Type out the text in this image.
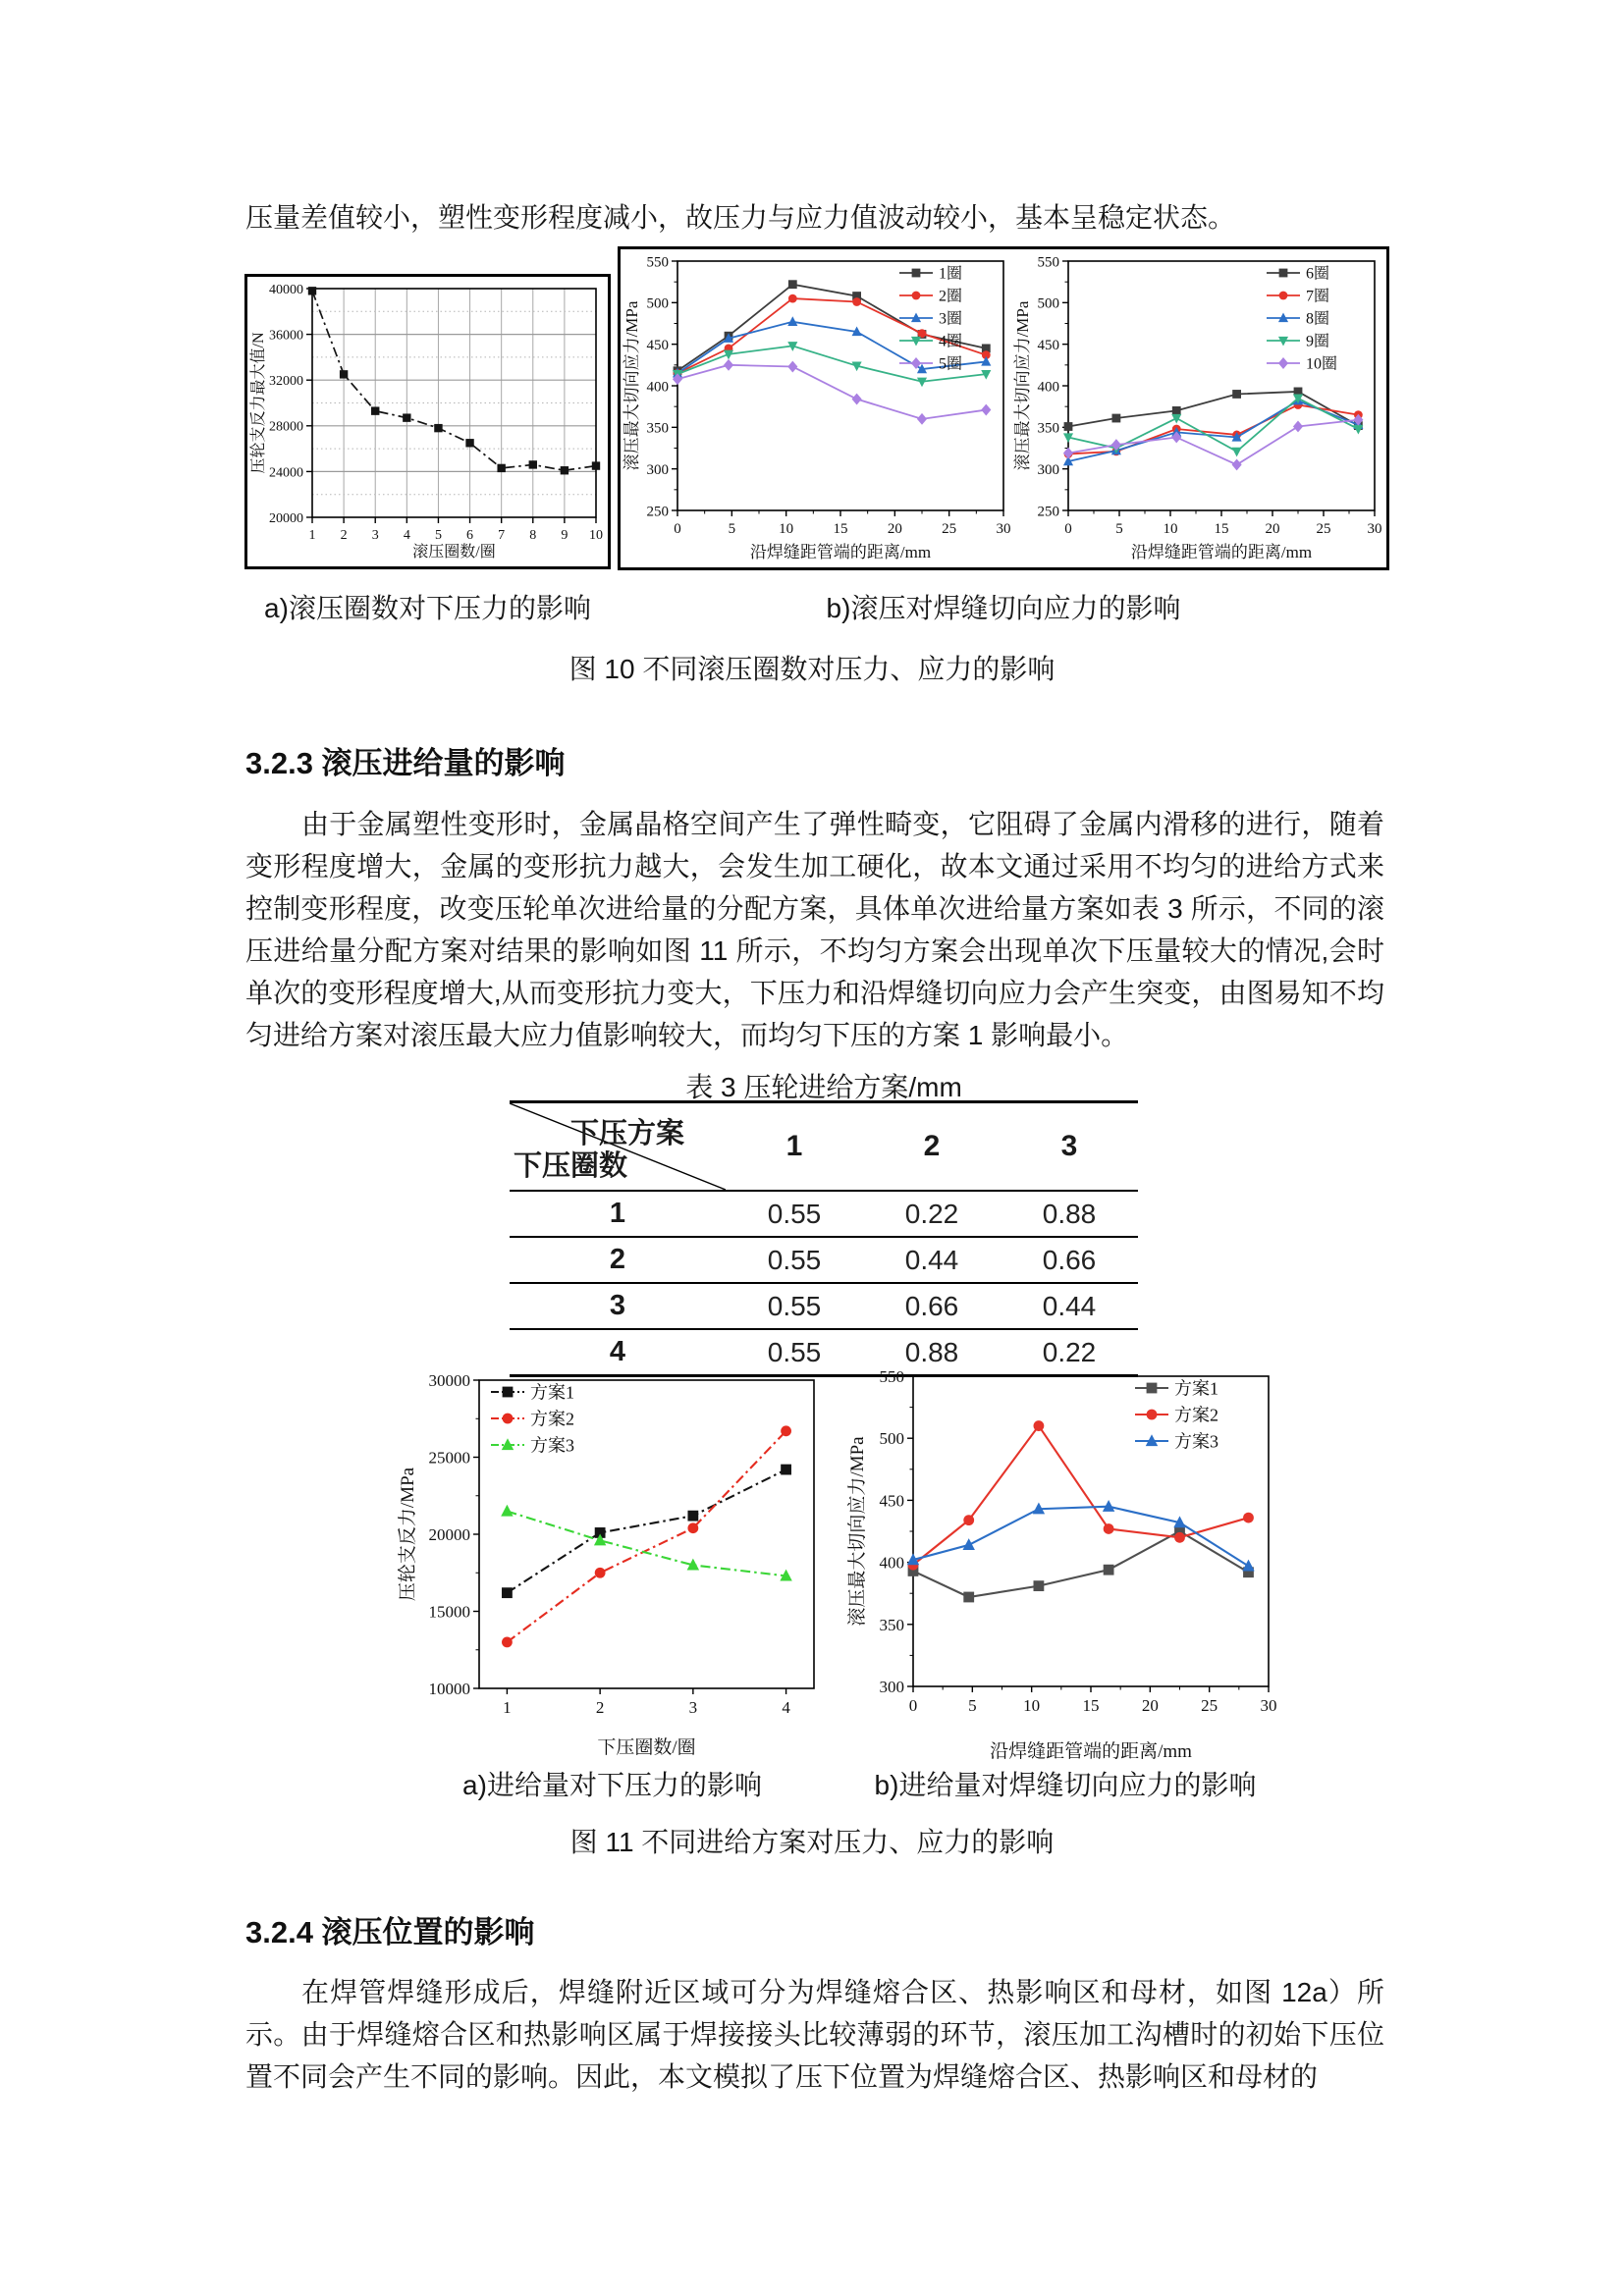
压量差值较小，塑性变形程度减小，故压力与应力值波动较小，基本呈稳定状态。
1 2 3 4 5 6 7 8 9 10
20000
24000
28000
32000
36000
40000
滚压圈数/圈
压轮支反力最大值/N
0	5	10	15	20	25	30
250
300
350
400
450
500
550
沿焊缝距管端的距离/mm
滚压最大切向应力/MPa
1圈
2圈
3圈
4圈
5圈
0	5	10 15 20 25 30
250
300
350
400
450
500
550
沿焊缝距管端的距离/mm
滚压最大切向应力/MPa
6圈
7圈
8圈
9圈
10圈
a)滚压圈数对下压力的影响	b)滚压对焊缝切向应力的影响
图 10 不同滚压圈数对压力、应力的影响
3.2.3 滚压进给量的影响
由于金属塑性变形时，金属晶格空间产生了弹性畸变，它阻碍了金属内滑移的进行，随着变形程度增大，金属的变形抗力越大，会发生加工硬化，故本文通过采用不均匀的进给方式来控制变形程度，改变压轮单次进给量的分配方案，具体单次进给量方案如表 3 所示，不同的滚压进给量分配方案对结果的影响如图 11 所示，不均匀方案会出现单次下压量较大的情况,会时单次的变形程度增大,从而变形抗力变大，下压力和沿焊缝切向应力会产生突变，由图易知不均匀进给方案对滚压最大应力值影响较大，而均匀下压的方案 1 影响最小。
表 3 压轮进给方案/mm
下压方案
下压圈数	1	2	3
1	0.55	0.22	0.88
2	0.55	0.44	0.66
3	0.55	0.66	0.44
4	0.55	0.88	0.22
1	2	3	4
10000
15000
20000
25000
30000
下压圈数/圈
压轮支反力/MPa
方案1
方案2
方案3
0	5	10	15	20	25	30
300
350
400
450
500
550
沿焊缝距管端的距离/mm
滚压最大切向应力/MPa
方案1
方案2
方案3
a)进给量对下压力的影响	b)进给量对焊缝切向应力的影响
图 11 不同进给方案对压力、应力的影响
3.2.4 滚压位置的影响
在焊管焊缝形成后，焊缝附近区域可分为焊缝熔合区、热影响区和母材，如图 12a）所示。由于焊缝熔合区和热影响区属于焊接接头比较薄弱的环节，滚压加工沟槽时的初始下压位置不同会产生不同的影响。因此，本文模拟了压下位置为焊缝熔合区、热影响区和母材的
